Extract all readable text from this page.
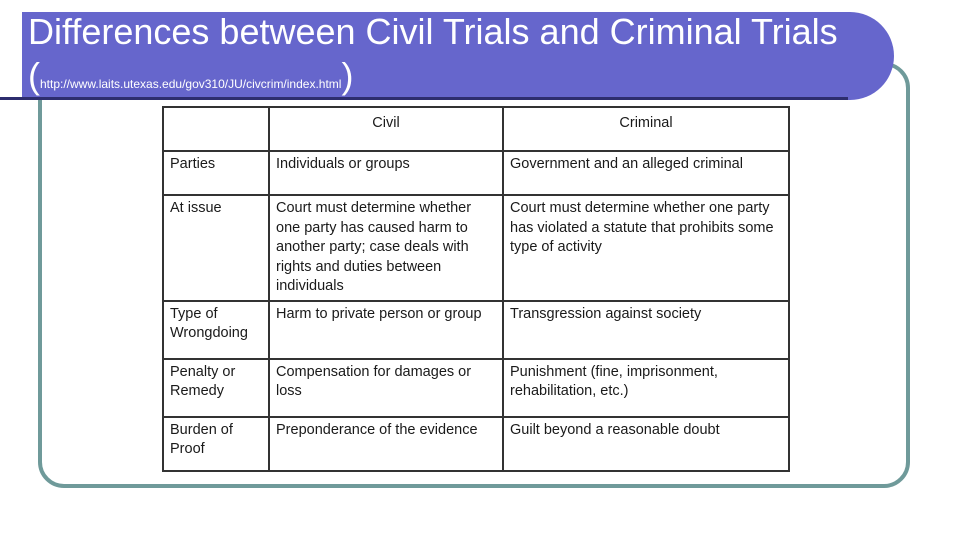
Differences between Civil Trials and Criminal Trials (http://www.laits.utexas.edu/gov310/JU/civcrim/index.html)
	Civil	Criminal
Parties	Individuals or groups	Government and an alleged criminal
At issue	Court must determine whether one party has caused harm to another party; case deals with rights and duties between individuals	Court must determine whether one party has violated a statute that prohibits some type of activity
Type of Wrongdoing	Harm to private person or group	Transgression against society
Penalty or Remedy	Compensation for damages or loss	Punishment (fine, imprisonment, rehabilitation, etc.)
Burden of Proof	Preponderance of the evidence	Guilt beyond a reasonable doubt
